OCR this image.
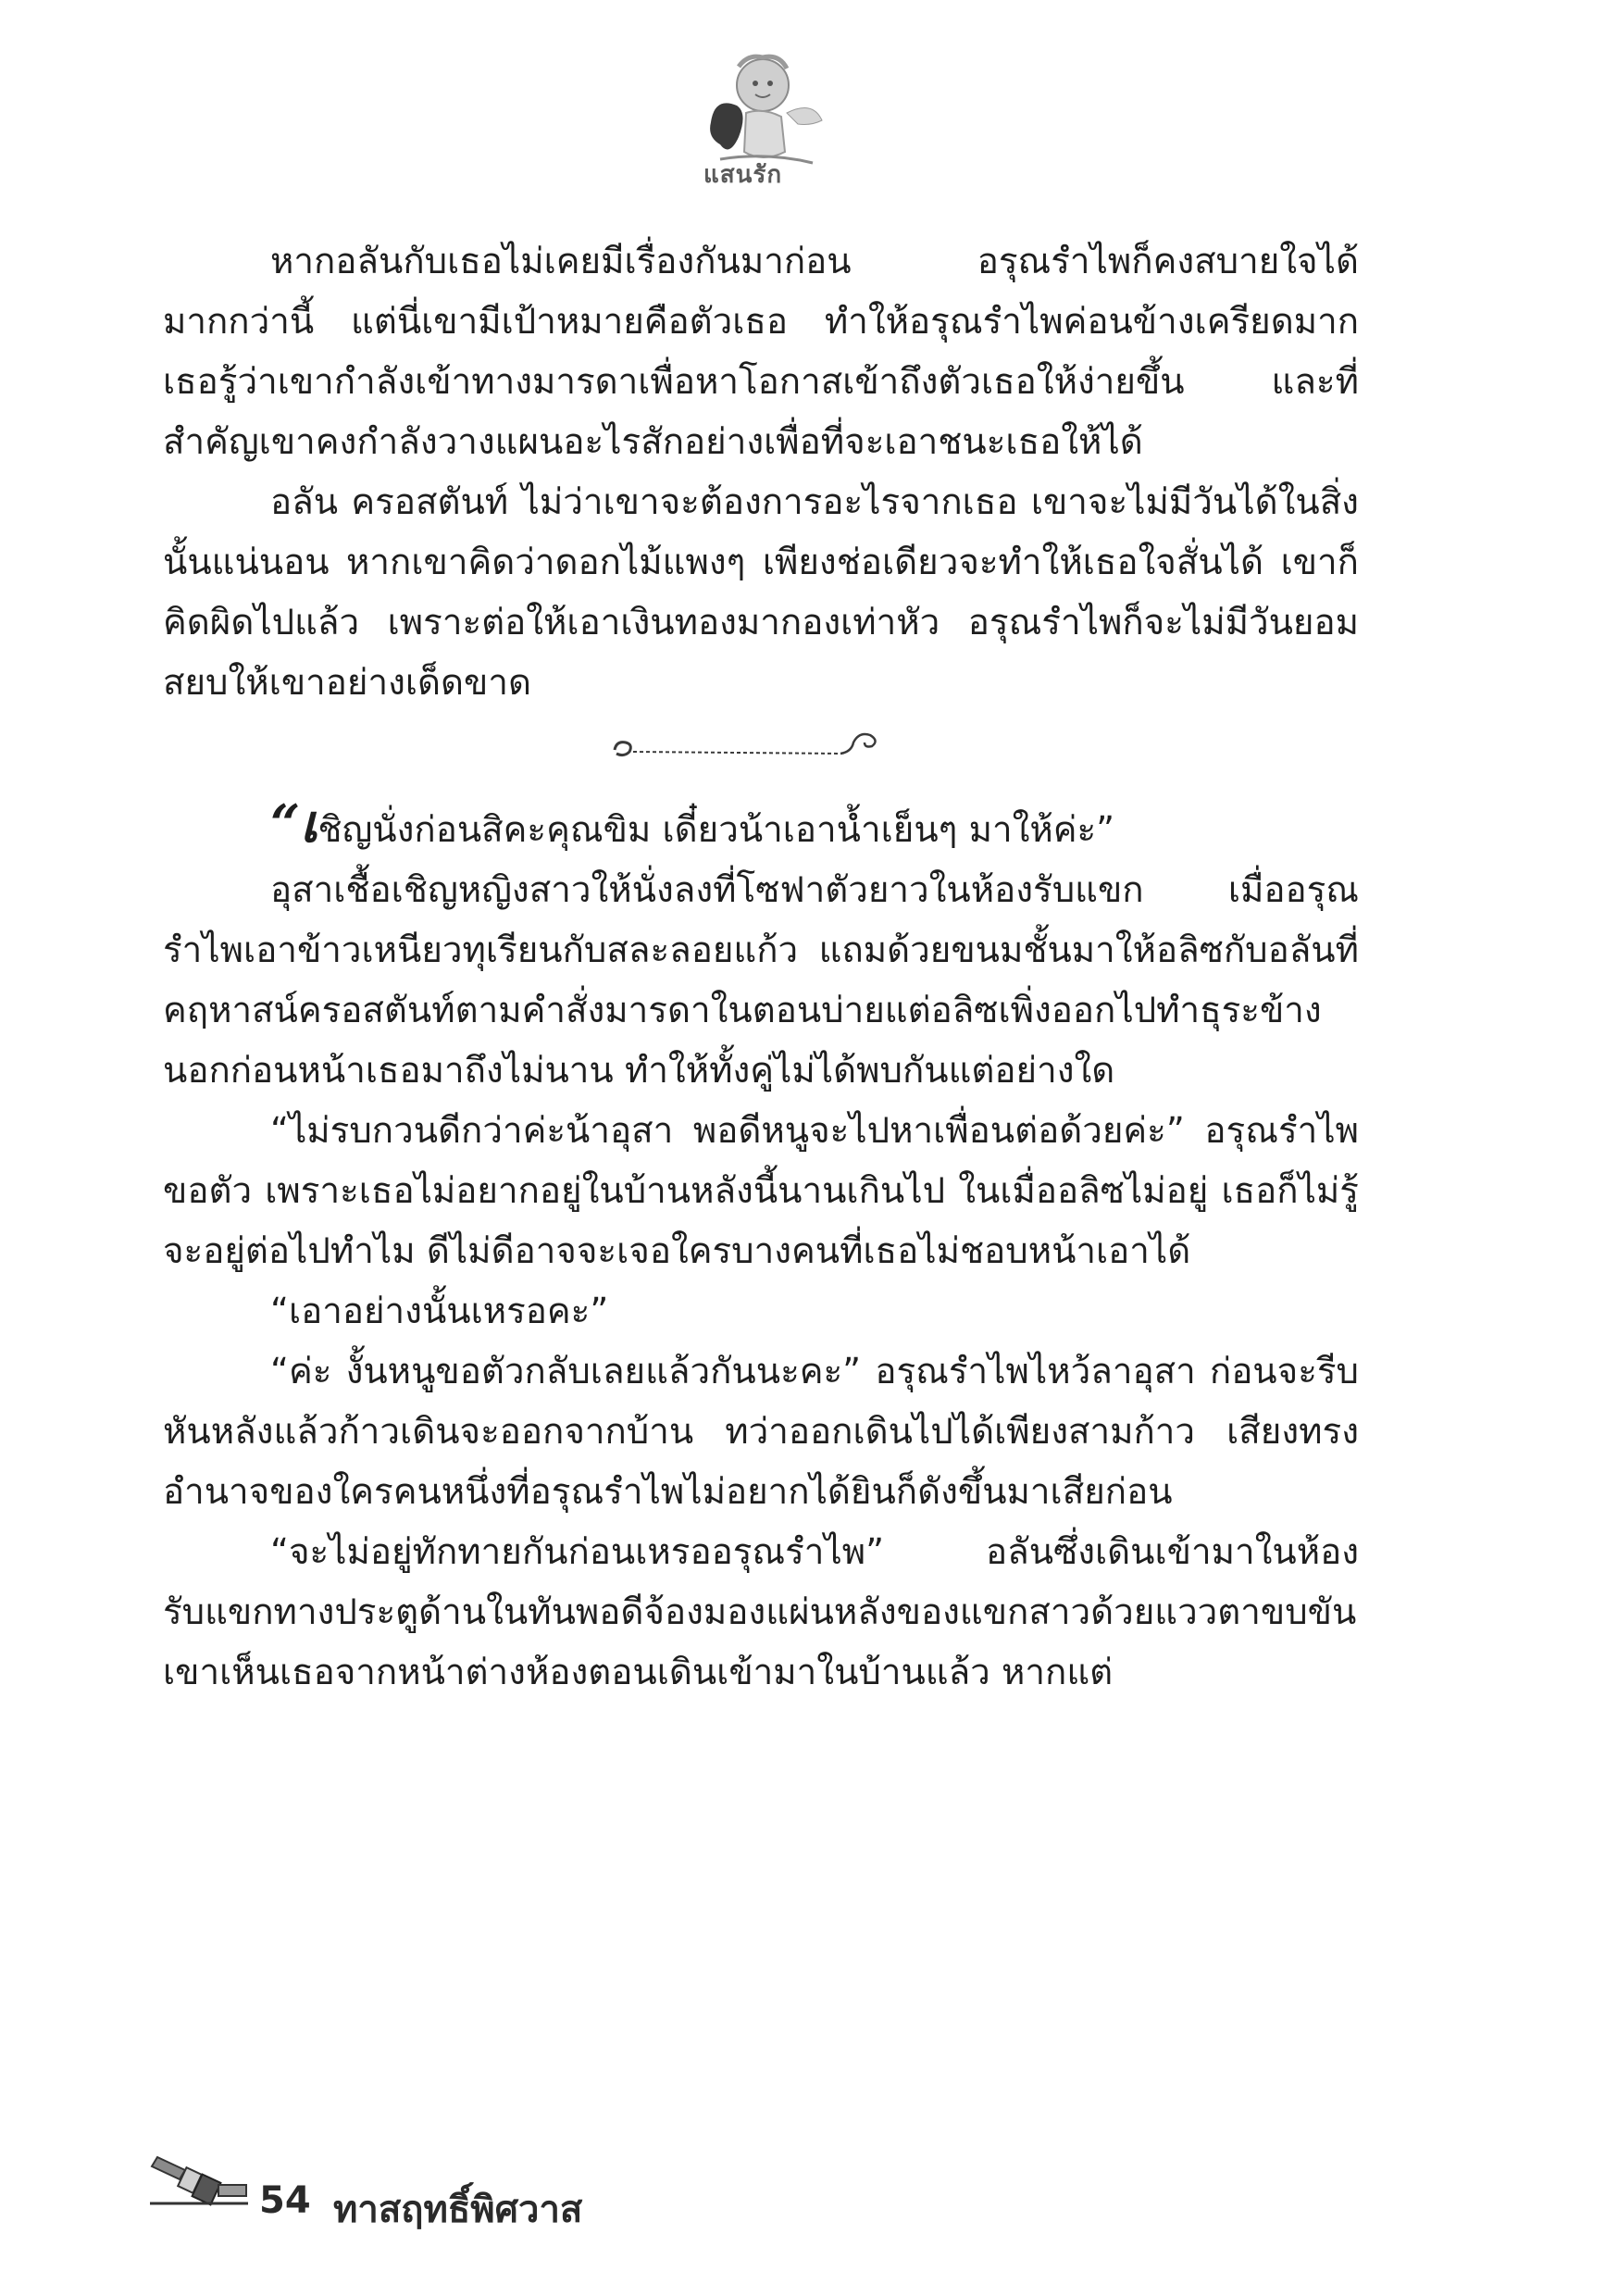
แสนรัก

หากอลันกับเธอไม่เคยมีเรื่องกันมาก่อน อรุณรำไพก็คงสบายใจได้มากกว่านี้ แต่นี่เขามีเป้าหมายคือตัวเธอ ทำให้อรุณรำไพค่อนข้างเครียดมาก เธอรู้ว่าเขากำลังเข้าทางมารดาเพื่อหาโอกาสเข้าถึงตัวเธอให้ง่ายขึ้น และที่สำคัญเขาคงกำลังวางแผนอะไรสักอย่างเพื่อที่จะเอาชนะเธอให้ได้

อลัน ครอสตันท์ ไม่ว่าเขาจะต้องการอะไรจากเธอ เขาจะไม่มีวันได้ในสิ่งนั้นแน่นอน หากเขาคิดว่าดอกไม้แพงๆ เพียงช่อเดียวจะทำให้เธอใจสั่นได้ เขาก็คิดผิดไปแล้ว เพราะต่อให้เอาเงินทองมากองเท่าหัว อรุณรำไพก็จะไม่มีวันยอมสยบให้เขาอย่างเด็ดขาด

“เชิญนั่งก่อนสิคะคุณขิม เดี๋ยวน้าเอาน้ำเย็นๆ มาให้ค่ะ”

อุสาเชื้อเชิญหญิงสาวให้นั่งลงที่โซฟาตัวยาวในห้องรับแขก เมื่ออรุณรำไพเอาข้าวเหนียวทุเรียนกับสละลอยแก้ว แถมด้วยขนมชั้นมาให้อลิซกับอลันที่คฤหาสน์ครอสตันท์ตามคำสั่งมารดาในตอนบ่ายแต่อลิซเพิ่งออกไปทำธุระข้างนอกก่อนหน้าเธอมาถึงไม่นาน ทำให้ทั้งคู่ไม่ได้พบกันแต่อย่างใด

“ไม่รบกวนดีกว่าค่ะน้าอุสา พอดีหนูจะไปหาเพื่อนต่อด้วยค่ะ” อรุณรำไพขอตัว เพราะเธอไม่อยากอยู่ในบ้านหลังนี้นานเกินไป ในเมื่ออลิซไม่อยู่ เธอก็ไม่รู้จะอยู่ต่อไปทำไม ดีไม่ดีอาจจะเจอใครบางคนที่เธอไม่ชอบหน้าเอาได้

“เอาอย่างนั้นเหรอคะ”

“ค่ะ งั้นหนูขอตัวกลับเลยแล้วกันนะคะ” อรุณรำไพไหว้ลาอุสา ก่อนจะรีบหันหลังแล้วก้าวเดินจะออกจากบ้าน ทว่าออกเดินไปได้เพียงสามก้าว เสียงทรงอำนาจของใครคนหนึ่งที่อรุณรำไพไม่อยากได้ยินก็ดังขึ้นมาเสียก่อน

“จะไม่อยู่ทักทายกันก่อนเหรออรุณรำไพ” อลันซึ่งเดินเข้ามาในห้องรับแขกทางประตูด้านในทันพอดีจ้องมองแผ่นหลังของแขกสาวด้วยแววตาขบขัน เขาเห็นเธอจากหน้าต่างห้องตอนเดินเข้ามาในบ้านแล้ว หากแต่

54 ทาสฤทธิ์พิศวาส
